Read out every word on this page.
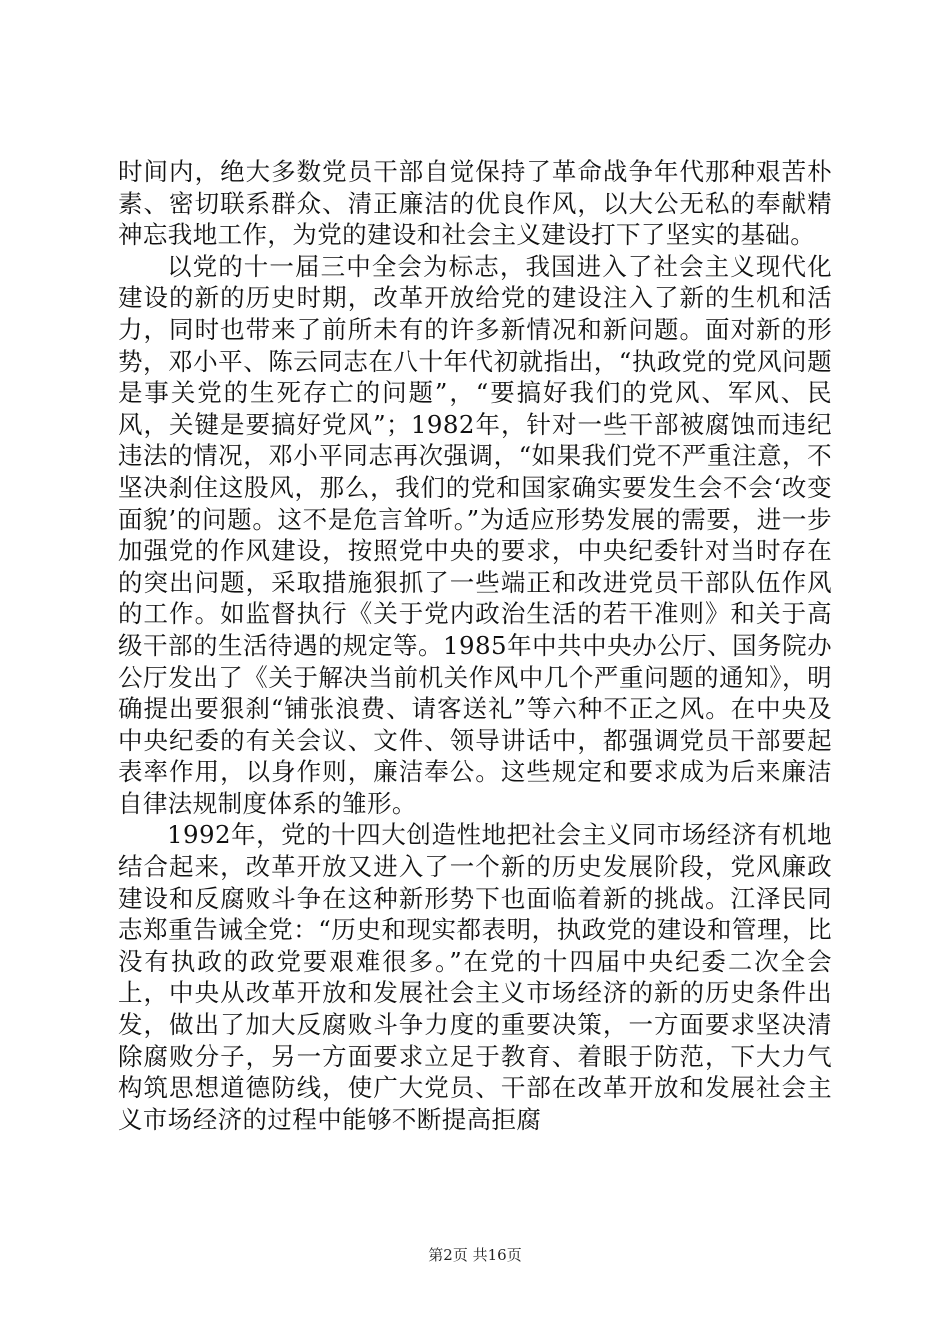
时间内，绝大多数党员干部自觉保持了革命战争年代那种艰苦朴素、密切联系群众、清正廉洁的优良作风，以大公无私的奉献精神忘我地工作，为党的建设和社会主义建设打下了坚实的基础。

以党的十一届三中全会为标志，我国进入了社会主义现代化建设的新的历史时期，改革开放给党的建设注入了新的生机和活力，同时也带来了前所未有的许多新情况和新问题。面对新的形势，邓小平、陈云同志在八十年代初就指出，“执政党的党风问题是事关党的生死存亡的问题”，“要搞好我们的党风、军风、民风，关键是要搞好党风”；1982年，针对一些干部被腐蚀而违纪违法的情况，邓小平同志再次强调，“如果我们党不严重注意，不坚决刹住这股风，那么，我们的党和国家确实要发生会不会‘改变面貌’的问题。这不是危言耸听。”为适应形势发展的需要，进一步加强党的作风建设，按照党中央的要求，中央纪委针对当时存在的突出问题，采取措施狠抓了一些端正和改进党员干部队伍作风的工作。如监督执行《关于党内政治生活的若干准则》和关于高级干部的生活待遇的规定等。1985年中共中央办公厅、国务院办公厅发出了《关于解决当前机关作风中几个严重问题的通知》，明确提出要狠刹“铺张浪费、请客送礼”等六种不正之风。在中央及中央纪委的有关会议、文件、领导讲话中，都强调党员干部要起表率作用，以身作则，廉洁奉公。这些规定和要求成为后来廉洁自律法规制度体系的雏形。

1992年，党的十四大创造性地把社会主义同市场经济有机地结合起来，改革开放又进入了一个新的历史发展阶段，党风廉政建设和反腐败斗争在这种新形势下也面临着新的挑战。江泽民同志郑重告诫全党：“历史和现实都表明，执政党的建设和管理，比没有执政的政党要艰难很多。”在党的十四届中央纪委二次全会上，中央从改革开放和发展社会主义市场经济的新的历史条件出发，做出了加大反腐败斗争力度的重要决策，一方面要求坚决清除腐败分子，另一方面要求立足于教育、着眼于防范，下大力气构筑思想道德防线，使广大党员、干部在改革开放和发展社会主义市场经济的过程中能够不断提高拒腐

第2页 共16页
